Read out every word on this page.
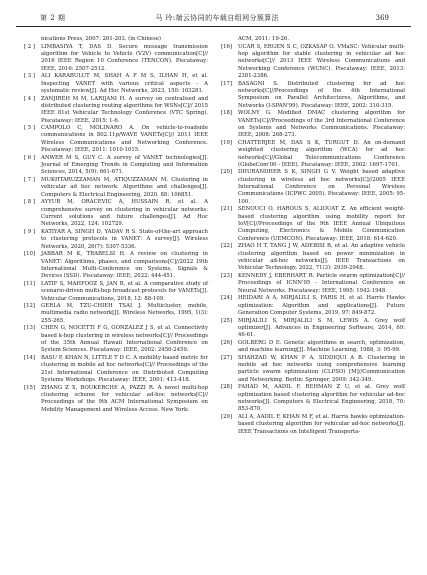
第 2 期	马 玲:端云协同的车载自组网分簇算法	369
nications Press, 2007: 201-203. (in Chinese)
[ 2 ]	LIMBASIYA T, DAS D. Secure message transmission algorithm for Vehicle to Vehicle (V2V) communication[C]// 2016 IEEE Region 10 Conference (TENCON). Piscataway: IEEE, 2016: 2507-2512.
[ 3 ]	ALI KARABULUT M, SHAH A F M S, ILHAN H, et al. Inspecting VANET with various critical aspects - A systematic review[J]. Ad Hoc Networks, 2023, 150: 103281.
[ 4 ]	ZANJIREH M M, LARIJANI H. A survey on centralised and distributed clustering routing algorithms for WSNs[C]// 2015 IEEE 81st Vehicular Technology Conference (VTC Spring). Piscataway: IEEE, 2015: 1-6.
[ 5 ]	CAMPOLO C, MOLINARO A. On vehicle-to-roadside communications in 802.11p/WAVE VANETs[C]// 2011 IEEE Wireless Communications and Networking Conference. Piscataway: IEEE, 2011: 1010-1015.
[ 6 ]	ANWER M S, GUY C. A survey of VANET technologies[J]. Journal of Emerging Trends in Computing and Information Sciences, 2014, 5(9): 661-671.
[ 7 ]	MUKHTARUZZAMAN M, ATIQUZZAMAN M. Clustering in vehicular ad hoc network: Algorithms and challenges[J]. Computers & Electrical Engineering, 2020, 88: 106851.
[ 8 ]	AYYUB M, ORACEVIC A, HUSSAIN R, et al. A comprehensive survey on clustering in vehicular networks: Current solutions and future challenges[J]. Ad Hoc Networks, 2022, 124: 102729.
[ 9 ]	KATIYAR A, SINGH D, YADAV R S. State-of-the-art approach to clustering protocols in VANET: A survey[J]. Wireless Networks, 2020, 26(7): 5307-5336.
[10]	JABBAR M K, TRABELSI H. A review on clustering in VANET: Algorithms, phases, and comparisons[C]//2022 19th International Multi-Conference on Systems, Signals & Devices (SSD). Piscataway: IEEE, 2022: 444-451.
[11]	LATIF S, MAHFOOZ S, JAN B, et al. A comparative study of scenario-driven multi-hop broadcast protocols for VANETs[J]. Vehicular Communications, 2018, 12: 88-109.
[12]	GERLA M, TZU-CHIEH TSAI J. Multicluster, mobile, multimedia radio network[J]. Wireless Networks, 1995, 1(3): 255-265.
[13]	CHEN G, NOCETTI F G, GONZALEZ J S, et al. Connectivity based k-hop clustering in wireless networks[C]// Proceedings of the 35th Annual Hawaii International Conference on System Sciences. Piscataway: IEEE, 2002: 2450-2459.
[14]	BASU P, KHAN N, LITTLE T D C. A mobility based metric for clustering in mobile ad hoc networks[C]// Proceedings of the 21st International Conference on Distributed Computing Systems Workshops. Piscataway: IEEE, 2001: 413-418.
[15]	ZHANG Z X, BOUKERCHE A, PAZZI R. A novel multi-hop clustering scheme for vehicular ad-hoc networks[C]// Proceedings of the 9th ACM International Symposium on Mobility Management and Wireless Access. New York:
ACM, 2011: 19-26.
[16]	UCAR S, ERGEN S C, OZKASAP O. VMaSC: Vehicular multi-hop algorithm for stable clustering in vehicular ad hoc networks[C]// 2013 IEEE Wireless Communications and Networking Conference (WCNC). Piscataway: IEEE, 2013: 2381-2386.
[17]	BASAGNI S. Distributed clustering for ad hoc networks[C]//Proceedings of the 4th International Symposium on Parallel Architectures, Algorithms, and Networks (I-SPAN'99). Piscataway: IEEE, 2002: 310-315.
[18]	WOLNY G. Modified DMAC clustering algorithm for VANETs[C]//Proceedings of the 3rd International Conference on Systems and Networks Communications. Piscataway: IEEE, 2008: 268-273.
[19]	CHATTERJEE M, DAS S K, TURGUT D. An on-demand weighted clustering algorithm (WCA) for ad hoc networks[C]//Global Telecommunications Conference (GlobeCom'00 - IEEE). Piscataway: IEEE, 2002: 1697-1701.
[20]	DHURANDHER S K, SINGH G V. Weight based adaptive clustering in wireless ad hoc networks[C]//2005 IEEE International Conference on Personal Wireless Communications (ICPWC 2005). Piscataway: IEEE, 2005: 95-100.
[21]	SENOUCI O, HAROUS S, ALIOUAT Z. An efficient weight-based clustering algorithm using mobility report for IoV[C]//Proceedings of the 9th IEEE Annual Ubiquitous Computing, Electronics & Mobile Communication Conference (UEMCON). Piscataway: IEEE, 2018: 614-620.
[22]	ZHAO H T, TANG J W, ADEBISI B, et al. An adaptive vehicle clustering algorithm based on power minimization in vehicular ad-hoc networks[J]. IEEE Transactions on Vehicular Technology, 2022, 71(3): 2939-2948.
[23]	KENNEDY J, EBERHART R. Particle swarm optimization[C]// Proceedings of ICNN'95 - International Conference on Neural Networks. Piscataway: IEEE, 1995: 1942-1948.
[24]	HEIDARI A A, MIRJALILI S, FARIS H, et al. Harris Hawks optimization: Algorithm and applications[J]. Future Generation Computer Systems, 2019, 97: 849-872.
[25]	MIRJALILI S, MIRJALILI S M, LEWIS A. Grey wolf optimizer[J]. Advances in Engineering Software, 2014, 69: 46-61.
[26]	GOLBERG D E. Genetic algorithms in search, optimization, and machine learning[J]. Machine Learning, 1988, 3: 95-99.
[27]	SHAHZAD W, KHAN F A, SIDDIQUI A B. Clustering in mobile ad hoc networks using comprehensive learning particle swarm optimization (CLPSO) [M]//Communication and Networking. Berlin: Springer, 2009: 342-349.
[28]	FAHAD M, AADIL F, REHMAN Z U, et al. Grey wolf optimization based clustering algorithm for vehicular ad-hoc networks[J]. Computers & Electrical Engineering, 2018, 70: 853-870.
[29]	ALI A, AADIL F, KHAN M F, et al. Harris hawks optimization-based clustering algorithm for vehicular ad-hoc networks[J]. IEEE Transactions on Intelligent Transporta-
